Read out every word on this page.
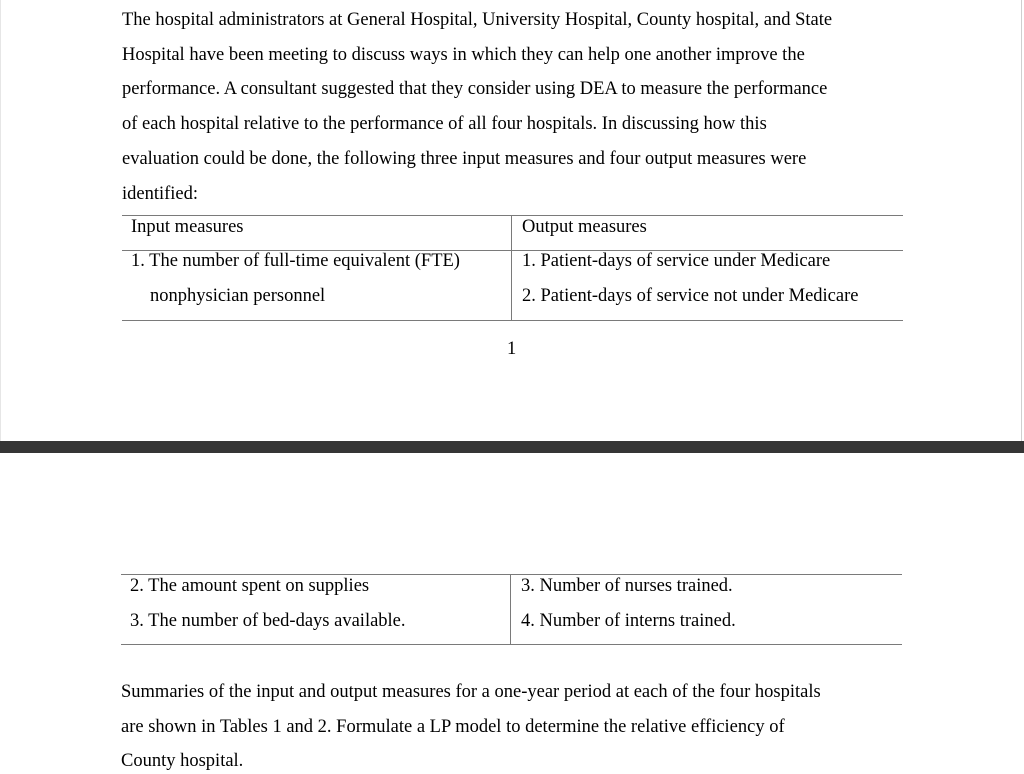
The hospital administrators at General Hospital, University Hospital, County hospital, and State
Hospital have been meeting to discuss ways in which they can help one another improve the
performance. A consultant suggested that they consider using DEA to measure the performance
of each hospital relative to the performance of all four hospitals. In discussing how this
evaluation could be done, the following three input measures and four output measures were
identified:

Input measures	Output measures
1. The number of full-time equivalent (FTE)	1. Patient-days of service under Medicare
nonphysician personnel	2. Patient-days of service not under Medicare
1
2. The amount spent on supplies	3. Number of nurses trained.
3. The number of bed-days available.	4. Number of interns trained.

Summaries of the input and output measures for a one-year period at each of the four hospitals
are shown in Tables 1 and 2. Formulate a LP model to determine the relative efficiency of
County hospital.
